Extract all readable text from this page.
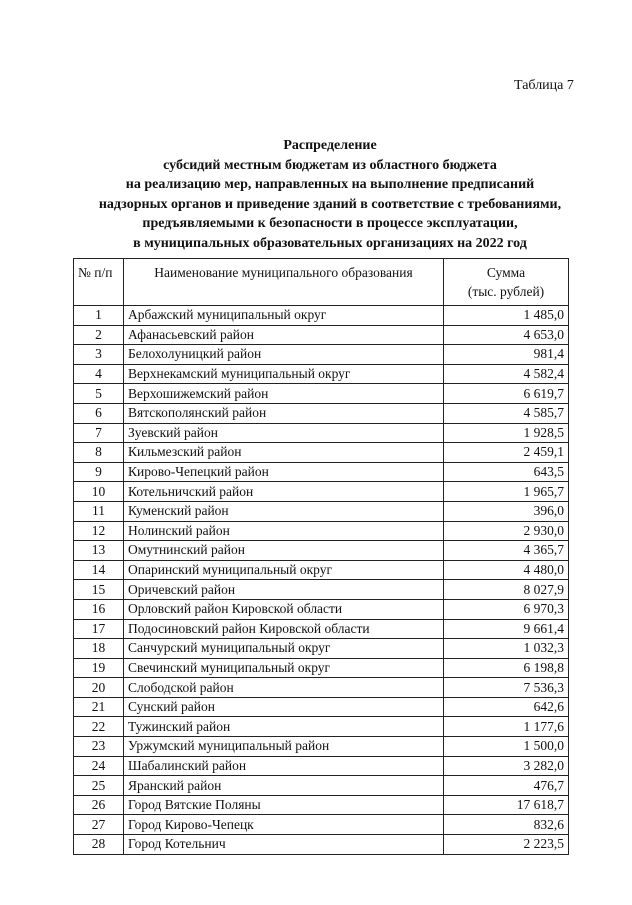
Таблица 7
Распределение
субсидий местным бюджетам из областного бюджета
на реализацию мер, направленных на выполнение предписаний
надзорных органов и приведение зданий в соответствие с требованиями,
предъявляемыми к безопасности в процессе эксплуатации,
в муниципальных образовательных организациях на 2022 год
№ п/п	Наименование муниципального образования	Сумма
(тыс. рублей)

1	Арбажский муниципальный округ	1 485,0
2	Афанасьевский район	4 653,0
3	Белохолуницкий район	981,4
4	Верхнекамский муниципальный округ	4 582,4
5	Верхошижемский район	6 619,7
6	Вятскополянский район	4 585,7
7	Зуевский район	1 928,5
8	Кильмезский район	2 459,1
9	Кирово-Чепецкий район	643,5
10	Котельничский район	1 965,7
11	Куменский район	396,0
12	Нолинский район	2 930,0
13	Омутнинский район	4 365,7
14	Опаринский муниципальный округ	4 480,0
15	Оричевский район	8 027,9
16	Орловский район Кировской области	6 970,3
17	Подосиновский район Кировской области	9 661,4
18	Санчурский муниципальный округ	1 032,3
19	Свечинский муниципальный округ	6 198,8
20	Слободской район	7 536,3
21	Сунский район	642,6
22	Тужинский район	1 177,6
23	Уржумский муниципальный район	1 500,0
24	Шабалинский район	3 282,0
25	Яранский район	476,7
26	Город Вятские Поляны	17 618,7
27	Город Кирово-Чепецк	832,6
28	Город Котельнич	2 223,5
